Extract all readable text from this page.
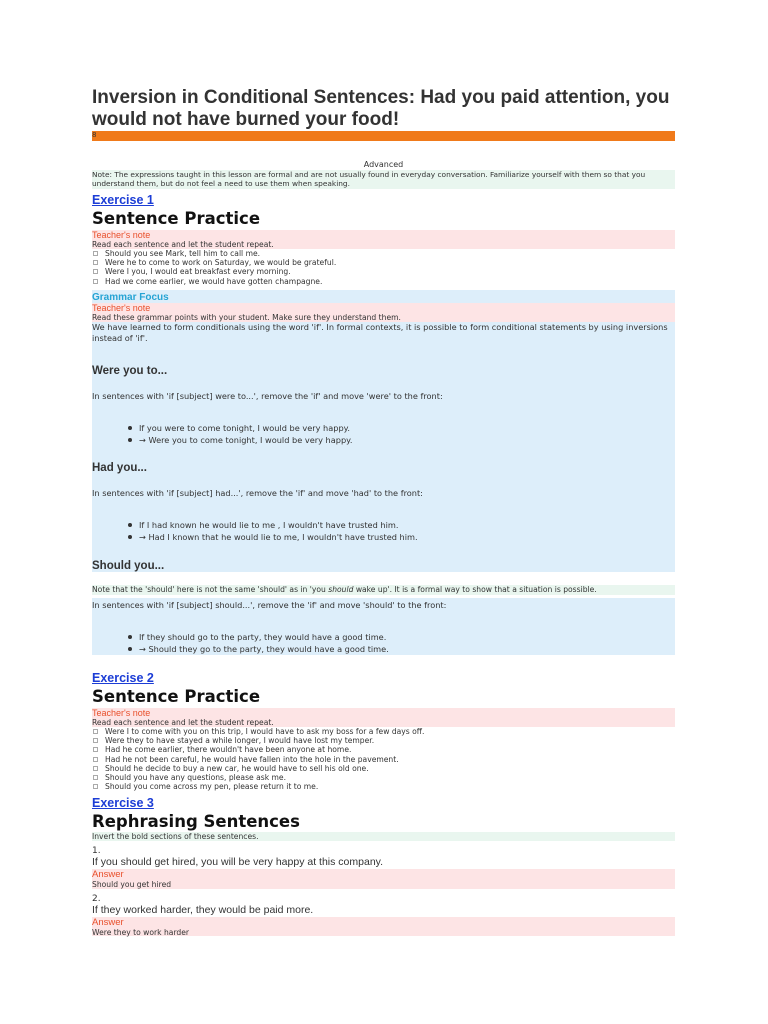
Inversion in Conditional Sentences: Had you paid attention, you would not have burned your food!
8
Advanced
Note: The expressions taught in this lesson are formal and are not usually found in everyday conversation. Familiarize yourself with them so that you understand them, but do not feel a need to use them when speaking.
Exercise 1
Sentence Practice
Teacher's note
Read each sentence and let the student repeat.
Should you see Mark, tell him to call me.
Were he to come to work on Saturday, we would be grateful.
Were I you, I would eat breakfast every morning.
Had we come earlier, we would have gotten champagne.
Grammar Focus
Teacher's note
Read these grammar points with your student. Make sure they understand them.
We have learned to form conditionals using the word 'if'. In formal contexts, it is possible to form conditional statements by using inversions instead of 'if'.
Were you to...
In sentences with 'if [subject] were to...', remove the 'if' and move 'were' to the front:
If you were to come tonight, I would be very happy.
→ Were you to come tonight, I would be very happy.
Had you...
In sentences with 'if [subject] had...', remove the 'if' and move 'had' to the front:
If I had known he would lie to me , I wouldn't have trusted him.
→ Had I known that he would lie to me, I wouldn't have trusted him.
Should you...
Note that the 'should' here is not the same 'should' as in 'you should wake up'. It is a formal way to show that a situation is possible.
In sentences with 'if [subject] should...', remove the 'if' and move 'should' to the front:
If they should go to the party, they would have a good time.
→ Should they go to the party, they would have a good time.
Exercise 2
Sentence Practice
Teacher's note
Read each sentence and let the student repeat.
Were I to come with you on this trip, I would have to ask my boss for a few days off.
Were they to have stayed a while longer, I would have lost my temper.
Had he come earlier, there wouldn't have been anyone at home.
Had he not been careful, he would have fallen into the hole in the pavement.
Should he decide to buy a new car, he would have to sell his old one.
Should you have any questions, please ask me.
Should you come across my pen, please return it to me.
Exercise 3
Rephrasing Sentences
Invert the bold sections of these sentences.
1.
If you should get hired, you will be very happy at this company.
Answer
Should you get hired
2.
If they worked harder, they would be paid more.
Answer
Were they to work harder
